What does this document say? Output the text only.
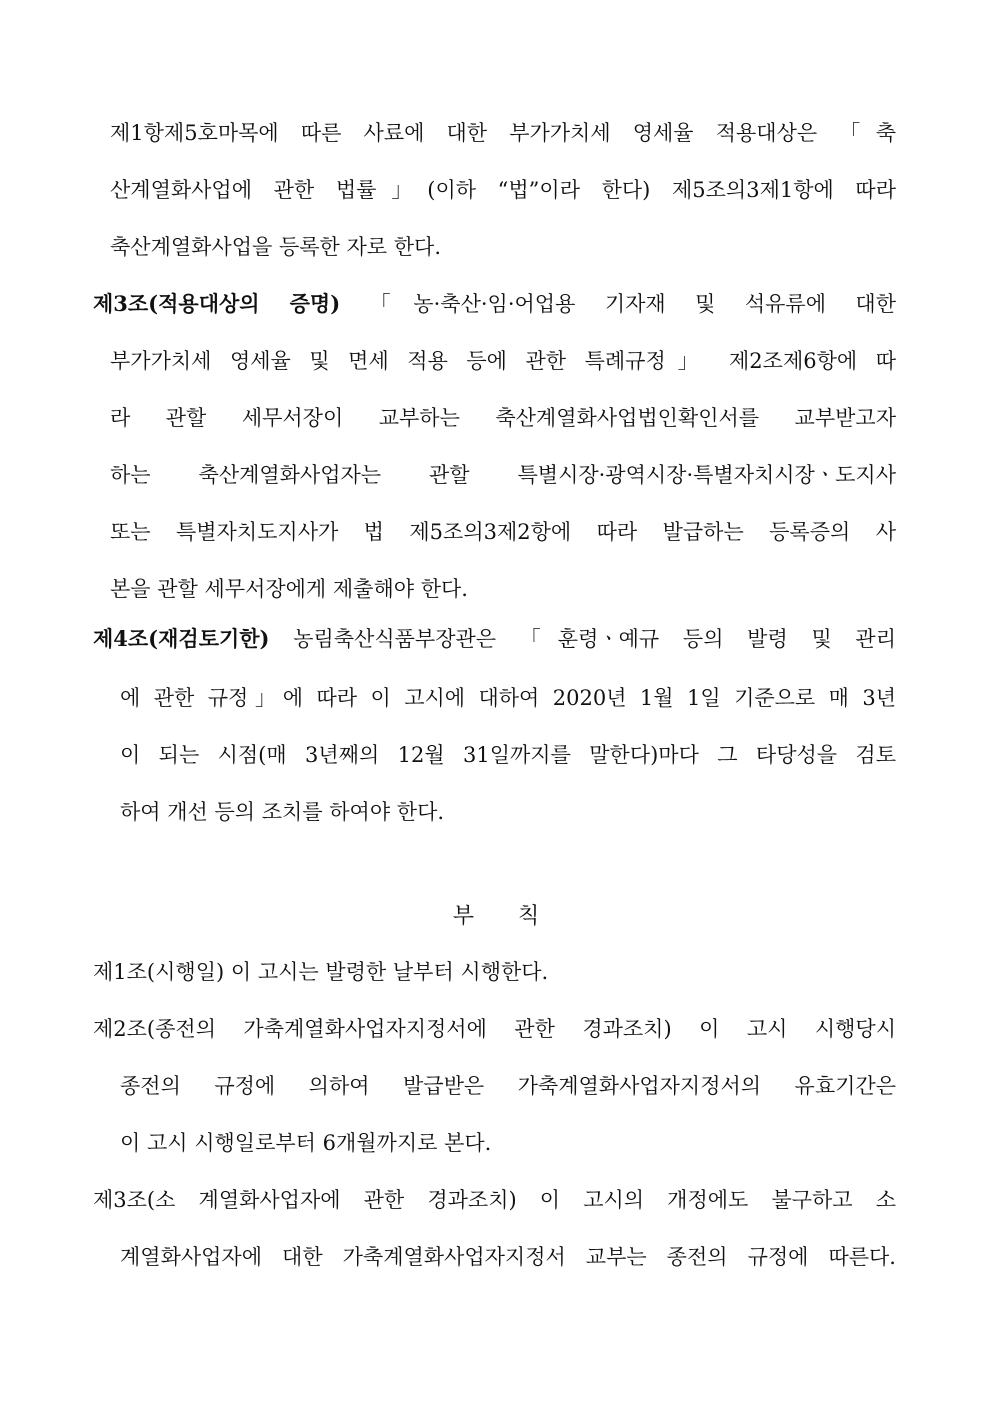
제1항제5호마목에 따른 사료에 대한 부가가치세 영세율 적용대상은 「축
산계열화사업에 관한 법률」(이하 “법”이라 한다) 제5조의3제1항에 따라
축산계열화사업을 등록한 자로 한다.
제3조(적용대상의 증명) 「농·축산·임·어업용 기자재 및 석유류에 대한
부가가치세 영세율 및 면세 적용 등에 관한 특례규정」 제2조제6항에 따
라 관할 세무서장이 교부하는 축산계열화사업법인확인서를 교부받고자
하는 축산계열화사업자는 관할 특별시장·광역시장·특별자치시장ㆍ도지사
또는 특별자치도지사가 법 제5조의3제2항에 따라 발급하는 등록증의 사
본을 관할 세무서장에게 제출해야 한다.
제4조(재검토기한) 농림축산식품부장관은 「훈령ㆍ예규 등의 발령 및 관리
에 관한 규정」에 따라 이 고시에 대하여 2020년 1월 1일 기준으로 매 3년
이 되는 시점(매 3년째의 12월 31일까지를 말한다)마다 그 타당성을 검토
하여 개선 등의 조치를 하여야 한다.
부칙
제1조(시행일) 이 고시는 발령한 날부터 시행한다.
제2조(종전의 가축계열화사업자지정서에 관한 경과조치) 이 고시 시행당시
종전의 규정에 의하여 발급받은 가축계열화사업자지정서의 유효기간은
이 고시 시행일로부터 6개월까지로 본다.
제3조(소 계열화사업자에 관한 경과조치) 이 고시의 개정에도 불구하고 소
계열화사업자에 대한 가축계열화사업자지정서 교부는 종전의 규정에 따른다.
